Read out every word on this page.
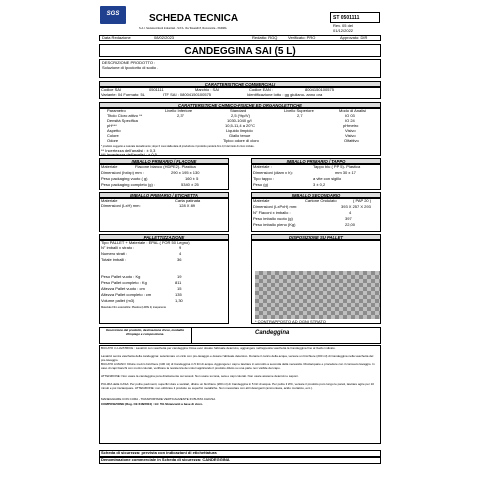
SGS	SCHEDA TECNICA
S.A.I. Società Articoli Industriali - S.P.A. Via Tosarelli 8, Roncoviola - PARMA
ST 0501111
Rev. 05 del
01/12/2022
Data Redazione	08/02/2023	Redatto: RGQ	Verificato: PRO	Approvato: DIR
CANDEGGINA SAI (5 L)
DESCRIZIONE PRODOTTO :
Soluzione di Ipoclorito di sodio .
CARATTERISTICHE COMMERCIALI
Codice SAI	0501111	Marchio : SAI	Codice EAN :	8004150100575
Variante: 04 Formato: 5L	ITF SAI : 08004150100575	Identificazione lotto : gg giuliano- anno ora
CARATTERISTICHE CHIMICO-FISICHE ED ORGANOLETTICHE
Parametro	Livello Inferiore	Standard	Livello Superiore	Modo di Analisi
Titolo Cloro attivo **	2,3°	2,5 (%p/V)	2,7	IO 03
Densità Specifica	1030-1040 g/l	IO 24
pH***	10,5-11,4 a 20°C	pHmetro
Aspetto	Liquido limpido	Visivo
Colore	Giallo tenue	Visivo
Odore	Tipico odore di cloro	Olfattivo
* prodotto soggetto a naturale decadimento; dopo 6 mesi dalla data di produzione il prodotto perderà fino 0,3 del titolo di cloro iniziale.
** Incertezza dell'analisi : ± 0,3
*** Incertezza dell'analisi : ± 0,5
IMBALLO PRIMARIO / FLACONE
Materiale	Flacone bianco (HDPE2)- Plastica
Dimensioni (hxlxp) mm :	290 x 195 x 130
Peso packaging vuoto ( g)	160 ± 5
Peso packaging completo (g) :	5340 ± 25
IMBALLO PRIMARIO / TAPPO
Materiale :	Tappo blu ( PP 5)- Plastica
Dimensioni (diam x h):	mm 30 x 17
Tipo tappo :	a vite con sigillo
Peso (g)	3 ± 0,2
IMBALLO PRIMARIO / ETICHETTA
Materiale	Carta patinata
Dimensioni (LxH) mm:	128 X 89
IMBALLO SECONDARIO
Materiale	Cartone Ondulato	( PAP 20 )
Dimensioni (LxPxH) mm:	393 X 257 X 293
N° Flaconi x imballo :	4
Peso imballo vuoto (g)	397
Peso imballo pieno (Kg)	22,00
PALLETTIZZAZIONE
Tipo PALLET + Materiale : EPAL ( FOR 50 Legno)
N° imballi x strato :	9
Numero strati :	4
Totale imballi :	36
Peso Pallet vuoto : Kg	19
Peso Pallet completo : Kg	811
Altezza Pallet vuoto : cm	15
Altezza Pallet completo : cm	135
Volume pallet (m3)	1,30
Materiale Film estensibile: Plastica (LDPE 4) trasparente
DISPOSIZIONE SU PALLET
* CONTRAPPOSTO AD OGNI STRATO
Descrizione del prodotto, destinazione d'uso, modalità d'impiego e composizione.	Candeggina
BUCATO in LAVATRICE : Lavatrici con vaschetta per candeggina: Dose ever dosato l'abituale detersivo, aggiungere nell'apposita vaschetta la Candeggina fino al livello indicato.
Lavatrici senza vaschetta della candeggina: selezionare un ciclo con pre-lavaggio e dosare l'abituale detersivo. Durante il carico della acqua, versare un bicchiere (200 ml) di Candeggina nella vaschetta del pre-lavaggio.
BUCATO A MANO: Diluire mezzo bicchiere (100 ml) di Candeggina in 5 litri di acqua. Aggiungere i capi e lasciare in ammollo a seconda della necessità. Risciacquare e procedere con il consueto lavaggio. In caso di capi bianchi con motivi colorati, verificare la resistenza dei colori applicando il prodotto diluito su una parte non visibile del capo.
ATTENZIONE: Non usare la candeggina pura direttamente sui tessuti. Non usare su lana, seta e capi colorati. Non usare assieme detersivi e saponi.
PULIZIA della CASA: Per pulire pavimenti, superfici dure e sanitari, diluire un bicchiere (200 ml) di Candeggina in 5 litri di acqua. Per pulire il WC, versare il prodotto puro lungo le pareti, lasciare agire per 10 minuti e poi risciacquare. ATTENZIONE: non utilizzare il prodotto su superfici metalliche. Non mescolare con altri detergenti (ammoniaca, acido muriatico, ecc.).
MANEGGIARE CON CURA - TRASPORTARE VERTICALMENTE IN BUSTA CHIUSA
COMPOSIZIONE (Reg. CE 648/2004) : Inf. 5% Sbiancanti a base di cloro.
Scheda di sicurezza: prevista con indicazioni di etichettatura
Denominazione commerciale in Scheda di sicurezza: CANDEGGINA
